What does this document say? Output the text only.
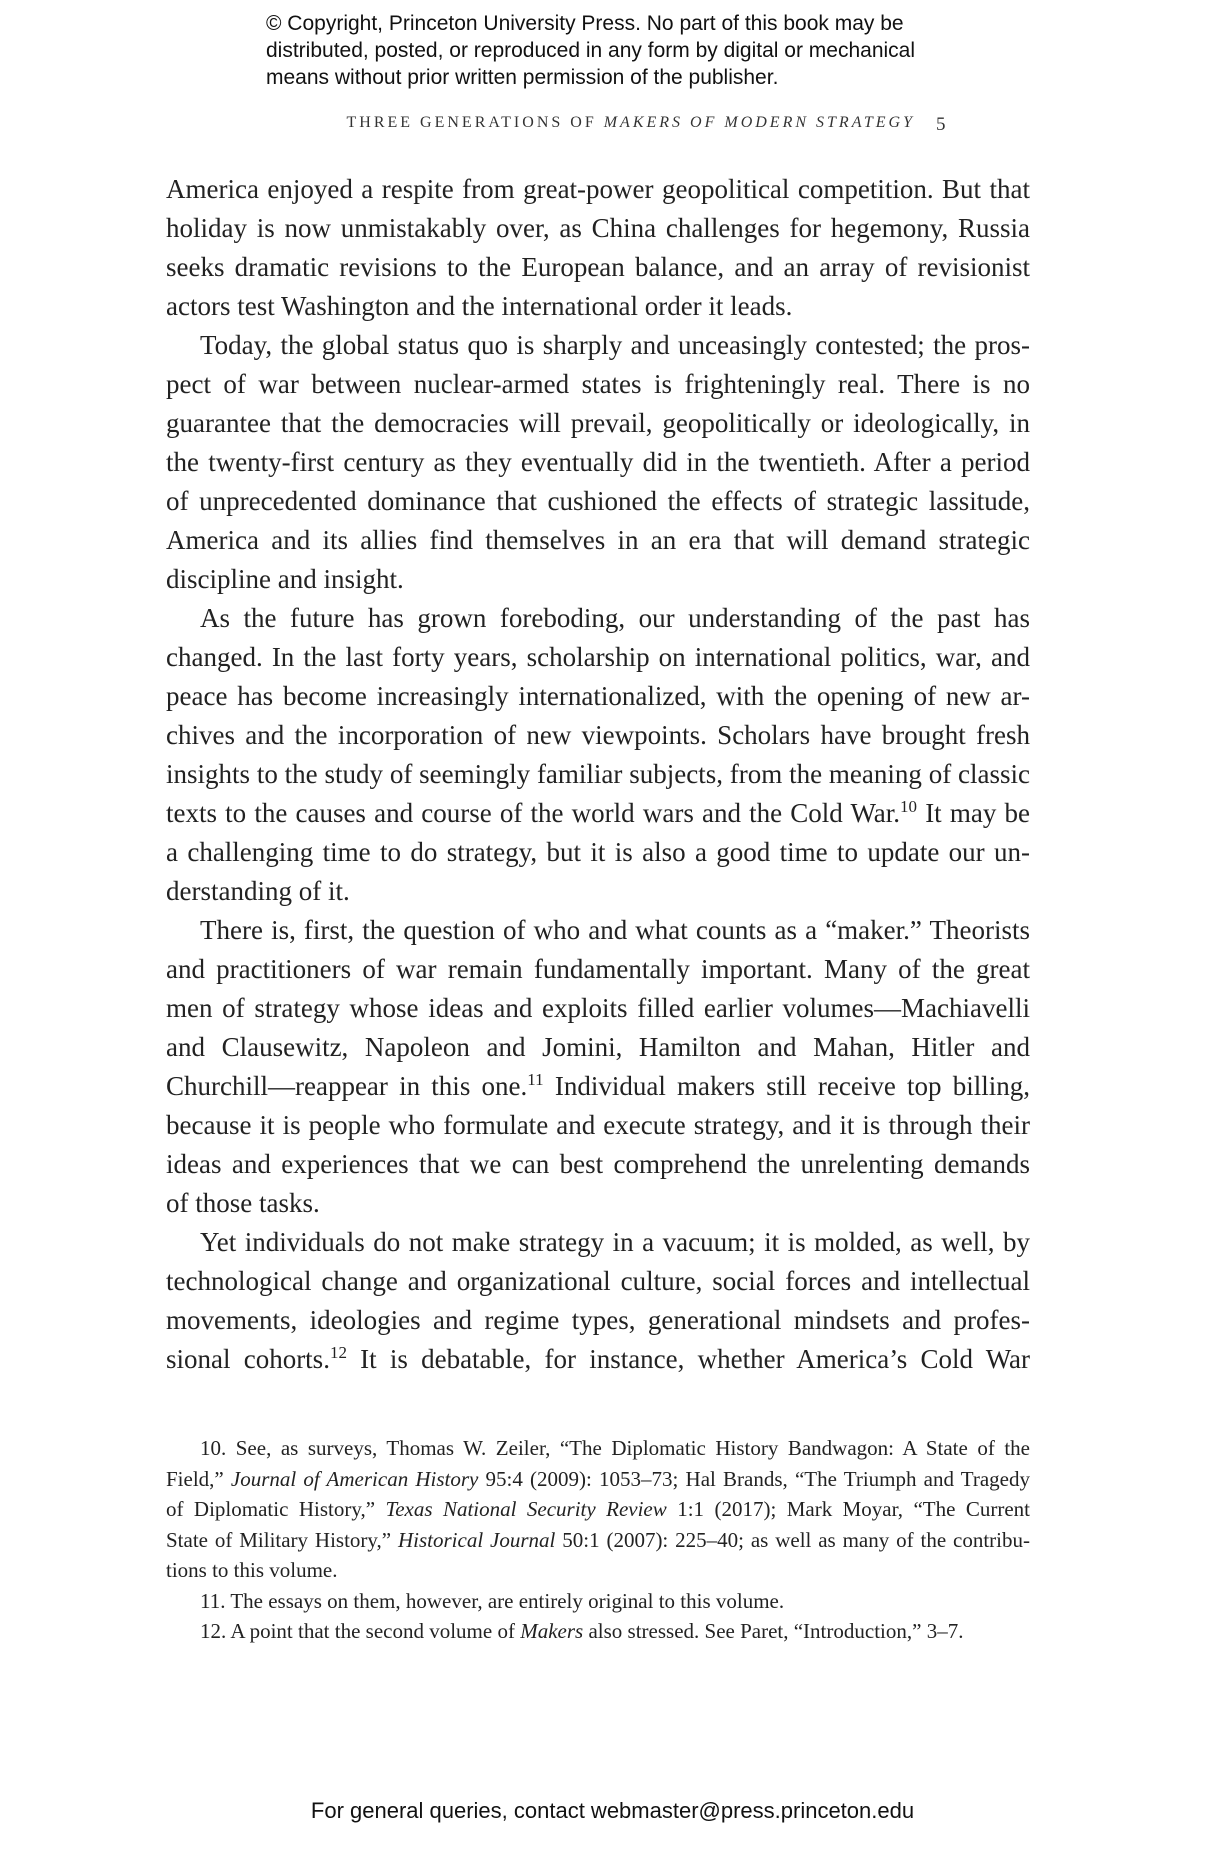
© Copyright, Princeton University Press. No part of this book may be
distributed, posted, or reproduced in any form by digital or mechanical
means without prior written permission of the publisher.
THREE GENERATIONS OF MAKERS OF MODERN STRATEGY 5
America enjoyed a respite from great-power geopolitical competition. But that
holiday is now unmistakably over, as China challenges for hegemony, Russia
seeks dramatic revisions to the European balance, and an array of revisionist
actors test Washington and the international order it leads.
Today, the global status quo is sharply and unceasingly contested; the pros-
pect of war between nuclear-armed states is frighteningly real. There is no
guarantee that the democracies will prevail, geopolitically or ideologically, in
the twenty-first century as they eventually did in the twentieth. After a period
of unprecedented dominance that cushioned the effects of strategic lassitude,
America and its allies find themselves in an era that will demand strategic
discipline and insight.
As the future has grown foreboding, our understanding of the past has
changed. In the last forty years, scholarship on international politics, war, and
peace has become increasingly internationalized, with the opening of new ar-
chives and the incorporation of new viewpoints. Scholars have brought fresh
insights to the study of seemingly familiar subjects, from the meaning of classic
texts to the causes and course of the world wars and the Cold War.$^{10}$ It may be
a challenging time to do strategy, but it is also a good time to update our un-
derstanding of it.
There is, first, the question of who and what counts as a “maker.” Theorists
and practitioners of war remain fundamentally important. Many of the great
men of strategy whose ideas and exploits filled earlier volumes—Machiavelli
and Clausewitz, Napoleon and Jomini, Hamilton and Mahan, Hitler and
Churchill—reappear in this one.$^{11}$ Individual makers still receive top billing,
because it is people who formulate and execute strategy, and it is through their
ideas and experiences that we can best comprehend the unrelenting demands
of those tasks.
Yet individuals do not make strategy in a vacuum; it is molded, as well, by
technological change and organizational culture, social forces and intellectual
movements, ideologies and regime types, generational mindsets and profes-
sional cohorts.$^{12}$ It is debatable, for instance, whether America’s Cold War
10. See, as surveys, Thomas W. Zeiler, “The Diplomatic History Bandwagon: A State of the
Field,” Journal of American History 95:4 (2009): 1053–73; Hal Brands, “The Triumph and Tragedy
of Diplomatic History,” Texas National Security Review 1:1 (2017); Mark Moyar, “The Current
State of Military History,” Historical Journal 50:1 (2007): 225–40; as well as many of the contribu-
tions to this volume.
11. The essays on them, however, are entirely original to this volume.
12. A point that the second volume of Makers also stressed. See Paret, “Introduction,” 3–7.
For general queries, contact webmaster@press.princeton.edu
